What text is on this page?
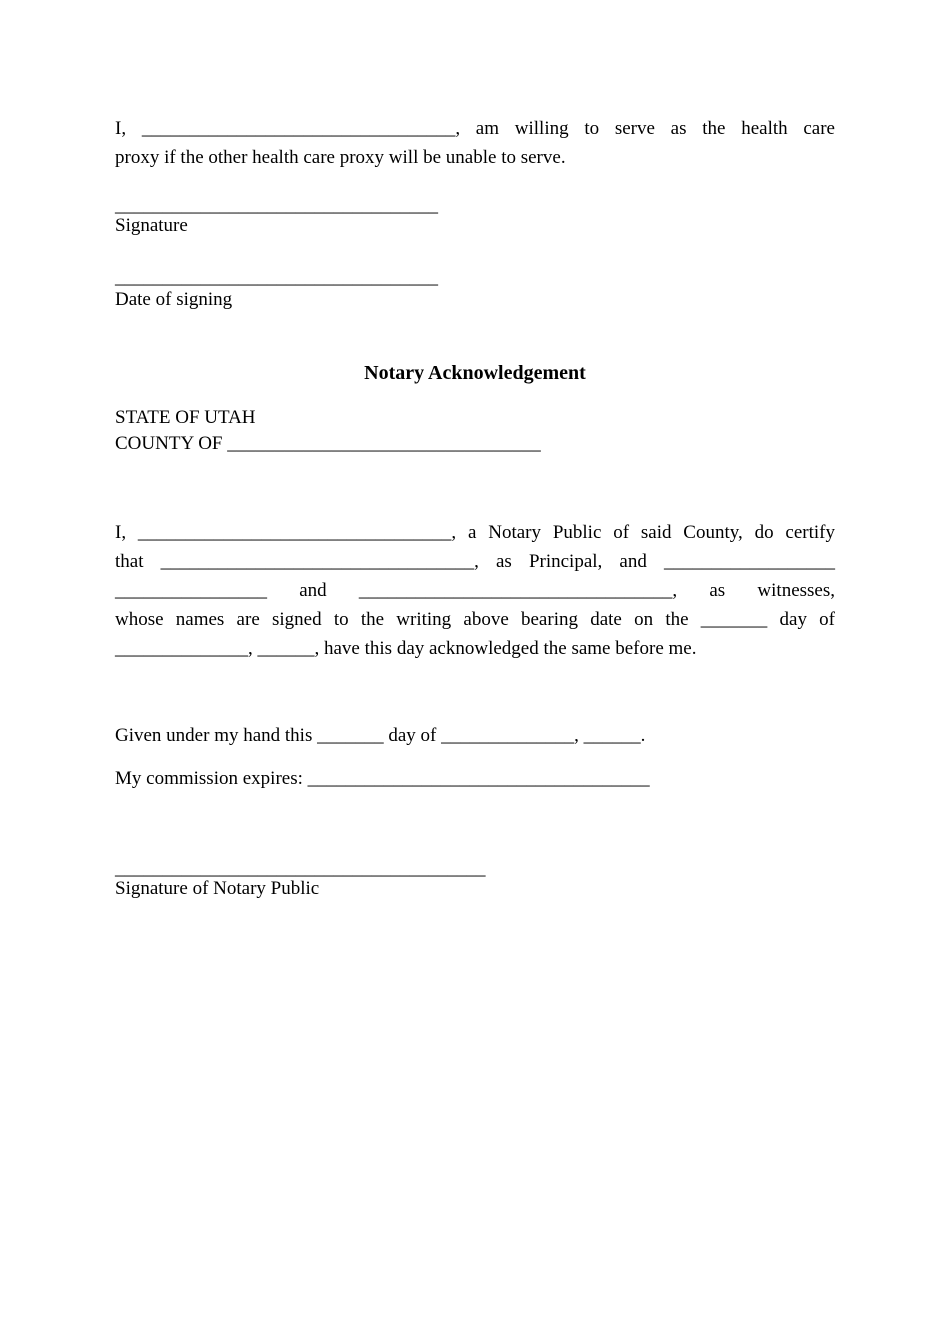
I, _________________________________, am willing to serve as the health care
proxy if the other health care proxy will be unable to serve.
__________________________________
Signature
__________________________________
Date of signing
Notary Acknowledgement
STATE OF UTAH
COUNTY OF _________________________________
I, _________________________________, a Notary Public of said County, do certify
that _________________________________, as Principal, and __________________
________________ and _________________________________, as witnesses,
whose names are signed to the writing above bearing date on the _______ day of
______________, ______, have this day acknowledged the same before me.
Given under my hand this _______ day of ______________, ______.
My commission expires: ____________________________________
_______________________________________
Signature of Notary Public
